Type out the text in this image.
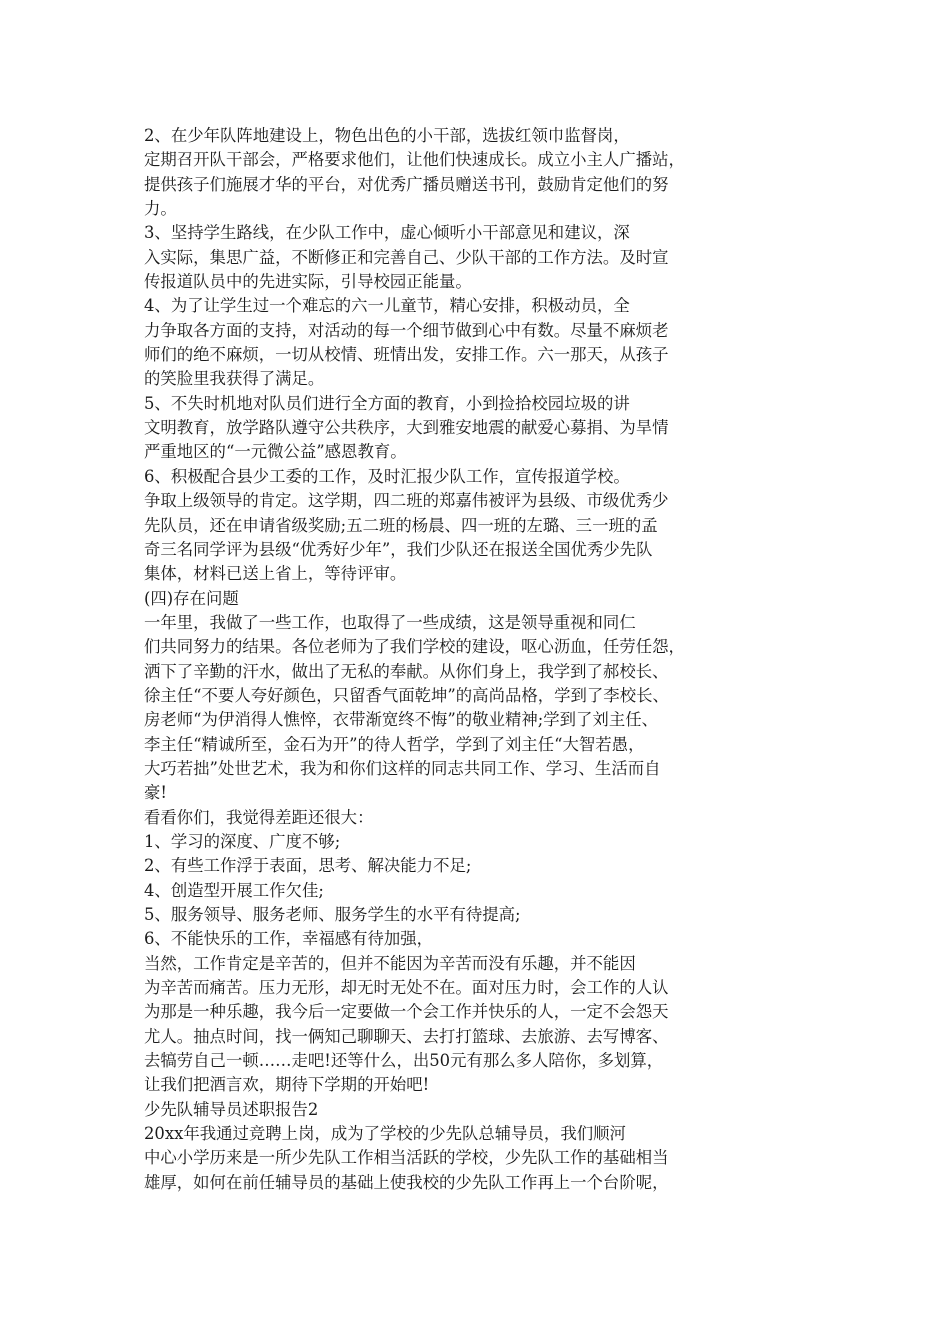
2、在少年队阵地建设上，物色出色的小干部，选拔红领巾监督岗，
定期召开队干部会，严格要求他们，让他们快速成长。成立小主人广播站，
提供孩子们施展才华的平台，对优秀广播员赠送书刊，鼓励肯定他们的努
力。
3、坚持学生路线，在少队工作中，虚心倾听小干部意见和建议，深
入实际，集思广益，不断修正和完善自己、少队干部的工作方法。及时宣
传报道队员中的先进实际，引导校园正能量。
4、为了让学生过一个难忘的六一儿童节，精心安排，积极动员，全
力争取各方面的支持，对活动的每一个细节做到心中有数。尽量不麻烦老
师们的绝不麻烦，一切从校情、班情出发，安排工作。六一那天，从孩子
的笑脸里我获得了满足。
5、不失时机地对队员们进行全方面的教育，小到捡拾校园垃圾的讲
文明教育，放学路队遵守公共秩序，大到雅安地震的献爱心募捐、为旱情
严重地区的“一元微公益”感恩教育。
6、积极配合县少工委的工作，及时汇报少队工作，宣传报道学校。
争取上级领导的肯定。这学期，四二班的郑嘉伟被评为县级、市级优秀少
先队员，还在申请省级奖励;五二班的杨晨、四一班的左璐、三一班的孟
奇三名同学评为县级“优秀好少年”，我们少队还在报送全国优秀少先队
集体，材料已送上省上，等待评审。
(四)存在问题
一年里，我做了一些工作，也取得了一些成绩，这是领导重视和同仁
们共同努力的结果。各位老师为了我们学校的建设，呕心沥血，任劳任怨，
洒下了辛勤的汗水，做出了无私的奉献。从你们身上，我学到了郝校长、
徐主任“不要人夸好颜色，只留香气面乾坤”的高尚品格，学到了李校长、
房老师“为伊消得人憔悴，衣带渐宽终不悔”的敬业精神;学到了刘主任、
李主任“精诚所至，金石为开”的待人哲学，学到了刘主任“大智若愚，
大巧若拙”处世艺术，我为和你们这样的同志共同工作、学习、生活而自
豪!
看看你们，我觉得差距还很大：
1、学习的深度、广度不够;
2、有些工作浮于表面，思考、解决能力不足;
4、创造型开展工作欠佳;
5、服务领导、服务老师、服务学生的水平有待提高;
6、不能快乐的工作，幸福感有待加强，
当然，工作肯定是辛苦的，但并不能因为辛苦而没有乐趣，并不能因
为辛苦而痛苦。压力无形，却无时无处不在。面对压力时，会工作的人认
为那是一种乐趣，我今后一定要做一个会工作并快乐的人，一定不会怨天
尤人。抽点时间，找一俩知己聊聊天、去打打篮球、去旅游、去写博客、
去犒劳自己一顿……走吧!还等什么，出50元有那么多人陪你，多划算，
让我们把酒言欢，期待下学期的开始吧!
少先队辅导员述职报告2
20xx年我通过竞聘上岗，成为了学校的少先队总辅导员，我们顺河
中心小学历来是一所少先队工作相当活跃的学校，少先队工作的基础相当
雄厚，如何在前任辅导员的基础上使我校的少先队工作再上一个台阶呢，
